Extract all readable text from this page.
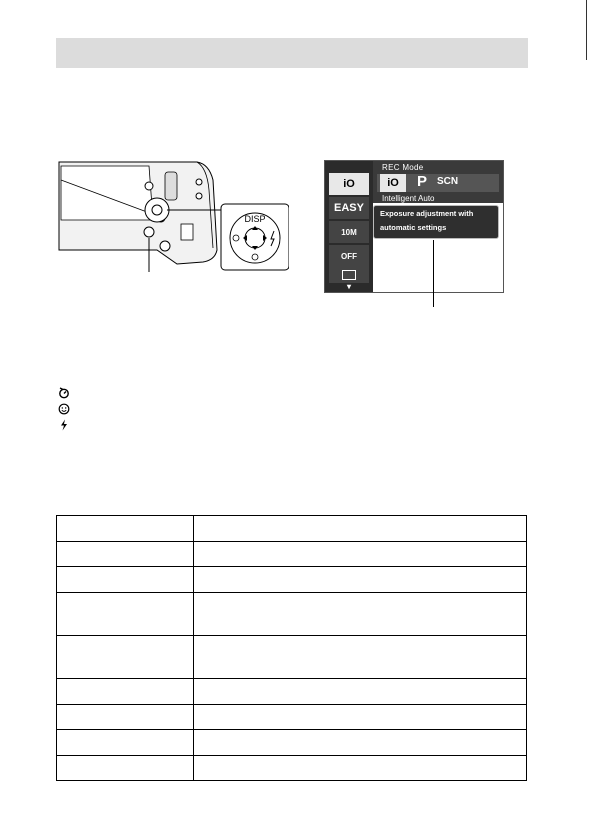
DISP
iO
EASY
10M
OFF
▾
REC Mode
iO	P SCN
Intelligent Auto
Exposure adjustment with
automatic settings
